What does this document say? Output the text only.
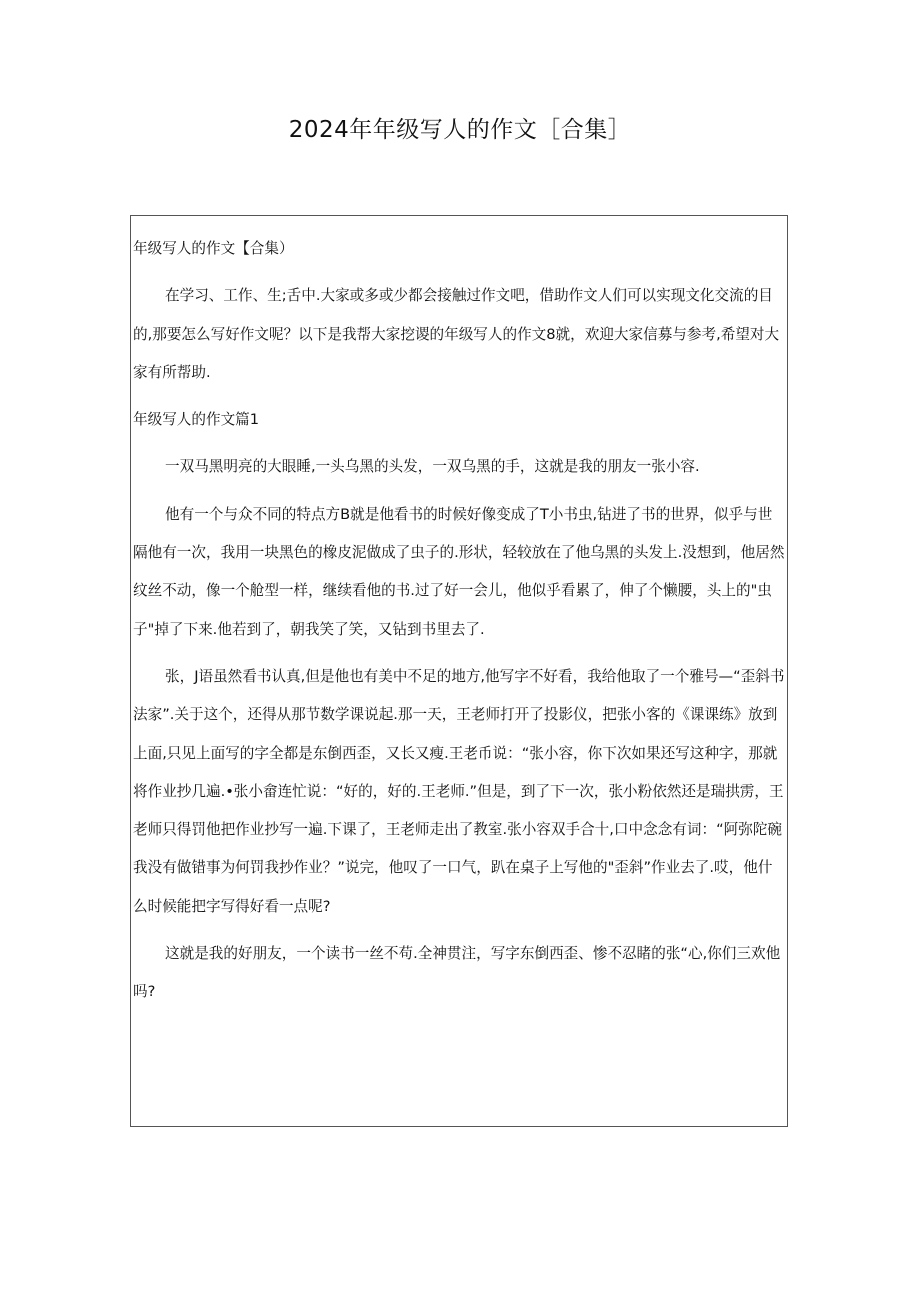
2024年年级写人的作文［合集］

年级写人的作文【合集）

在学习、工作、生;舌中.大家或多或少都会接触过作文吧，借助作文人们可以实现文化交流的目的,那要怎么写好作文呢？以下是我帮大家挖谡的年级写人的作文8就，欢迎大家信募与参考,希望对大家有所帮助.

年级写人的作文篇1

一双马黑明亮的大眼睡,一头乌黑的头发，一双乌黑的手，这就是我的朋友一张小容.

他有一个与众不同的特点方B就是他看书的时候好像变成了T小书虫,钻进了书的世界，似乎与世隔他有一次，我用一块黑色的橡皮泥做成了虫子的.形状，轻较放在了他乌黑的头发上.没想到，他居然纹丝不动，像一个舱型一样，继续看他的书.过了好一会儿，他似乎看累了，伸了个懒腰，头上的"虫子"掉了下来.他若到了，朝我笑了笑，又钻到书里去了.

张，J语虽然看书认真,但是他也有美中不足的地方,他写字不好看，我给他取了一个雅号—“歪斜书法家”.关于这个，还得从那节数学课说起.那一天，王老师打开了投影仪，把张小客的《课课练》放到上面,只见上面写的字全都是东倒西歪，又长又瘦.王老币说：“张小容，你下次如果还写这种字，那就将作业抄几遍.•张小畲连忙说：“好的，好的.王老师.”但是，到了下一次，张小粉依然还是瑞拱雳，王老师只得罚他把作业抄写一遍.下课了，王老师走出了教室.张小容双手合十,口中念念有词：“阿弥陀碗我没有做错事为何罚我抄作业？”说完，他叹了一口气，趴在桌子上写他的"歪斜”作业去了.哎，他什么时候能把字写得好看一点呢?

这就是我的好朋友，一个读书一丝不苟.全神贯注，写字东倒西歪、惨不忍睹的张“心,你们三欢他吗?
